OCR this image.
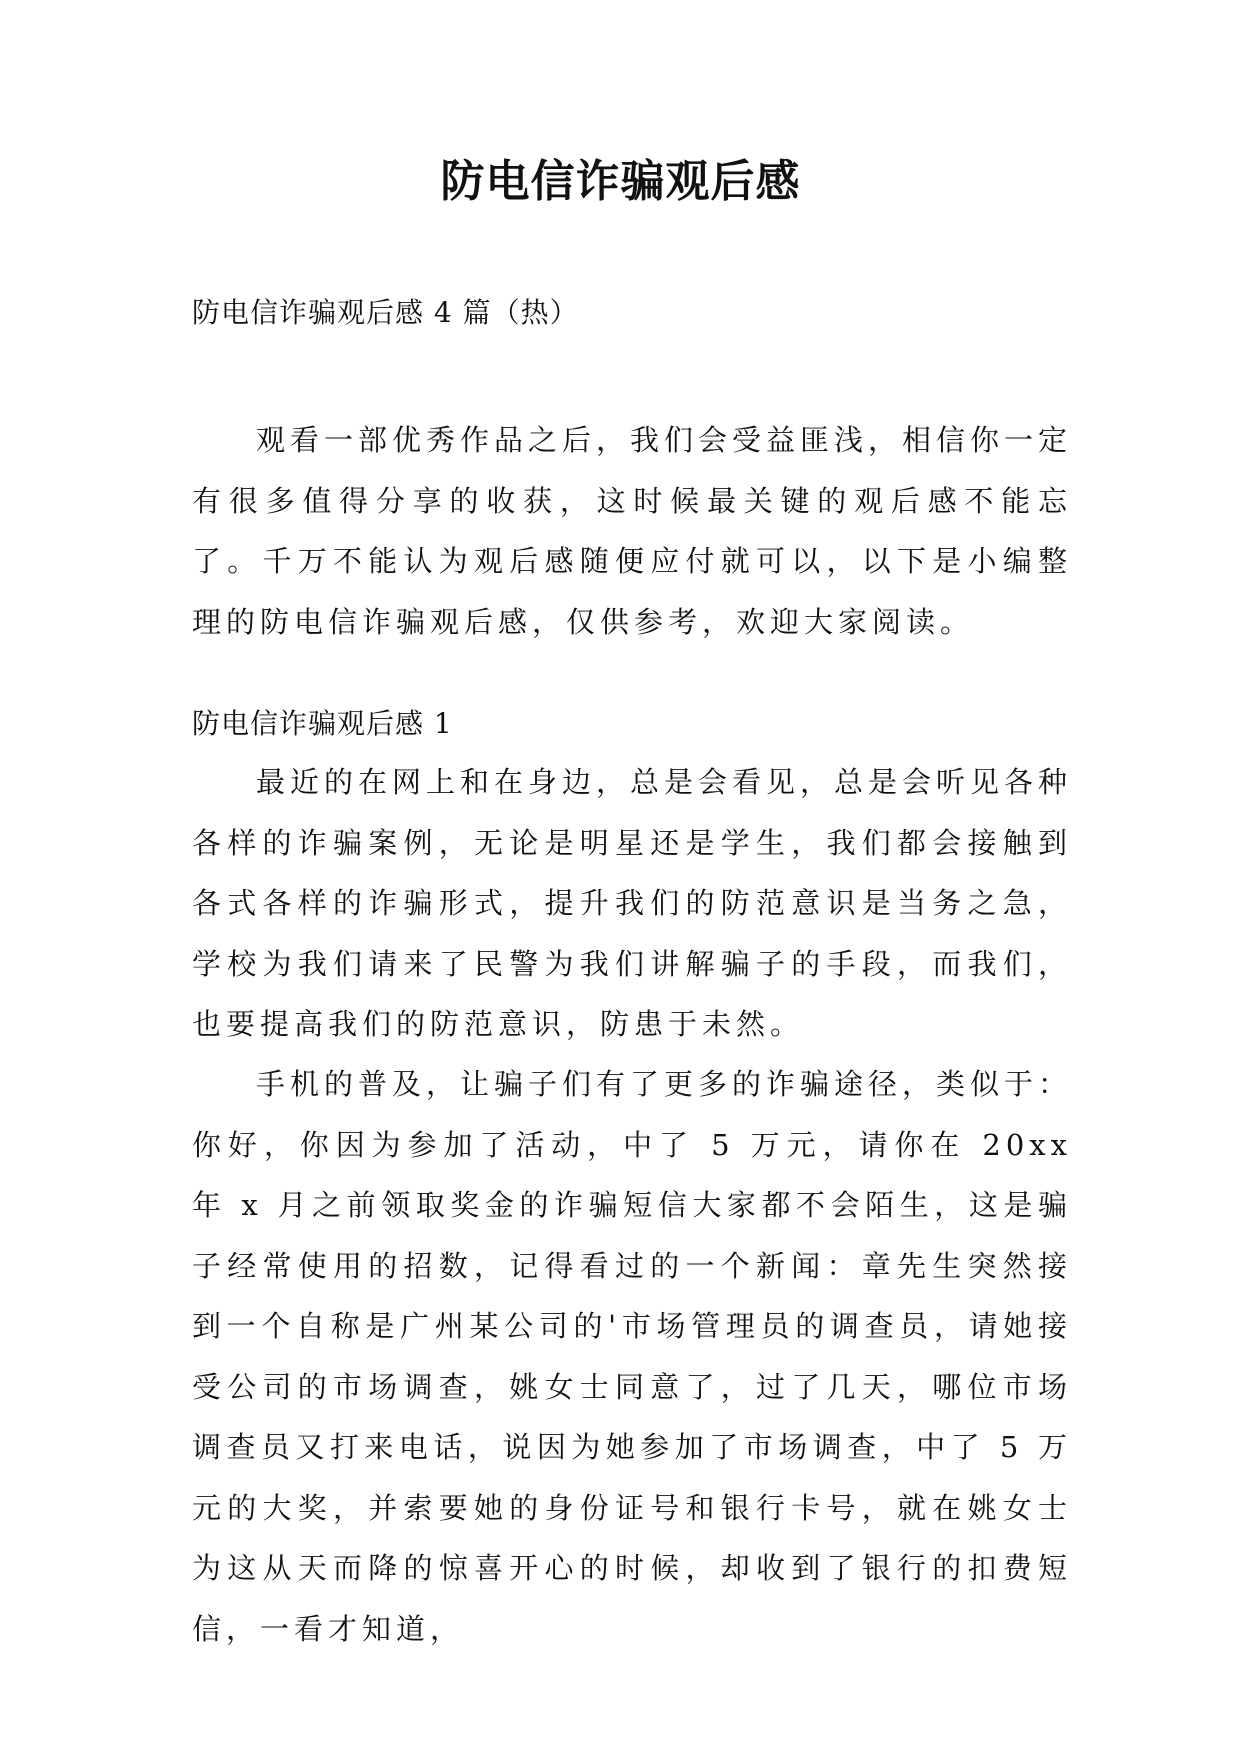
防电信诈骗观后感
防电信诈骗观后感 4 篇（热）

观看一部优秀作品之后，我们会受益匪浅，相信你一定有很多值得分享的收获，这时候最关键的观后感不能忘了。千万不能认为观后感随便应付就可以，以下是小编整理的防电信诈骗观后感，仅供参考，欢迎大家阅读。

防电信诈骗观后感 1

最近的在网上和在身边，总是会看见，总是会听见各种各样的诈骗案例，无论是明星还是学生，我们都会接触到各式各样的诈骗形式，提升我们的防范意识是当务之急，学校为我们请来了民警为我们讲解骗子的手段，而我们，也要提高我们的防范意识，防患于未然。

手机的普及，让骗子们有了更多的诈骗途径，类似于：你好，你因为参加了活动，中了 5 万元，请你在 20xx 年 x 月之前领取奖金的诈骗短信大家都不会陌生，这是骗子经常使用的招数，记得看过的一个新闻：章先生突然接到一个自称是广州某公司的'市场管理员的调查员，请她接受公司的市场调查，姚女士同意了，过了几天，哪位市场调查员又打来电话，说因为她参加了市场调查，中了 5 万元的大奖，并索要她的身份证号和银行卡号，就在姚女士为这从天而降的惊喜开心的时候，却收到了银行的扣费短信，一看才知道，
